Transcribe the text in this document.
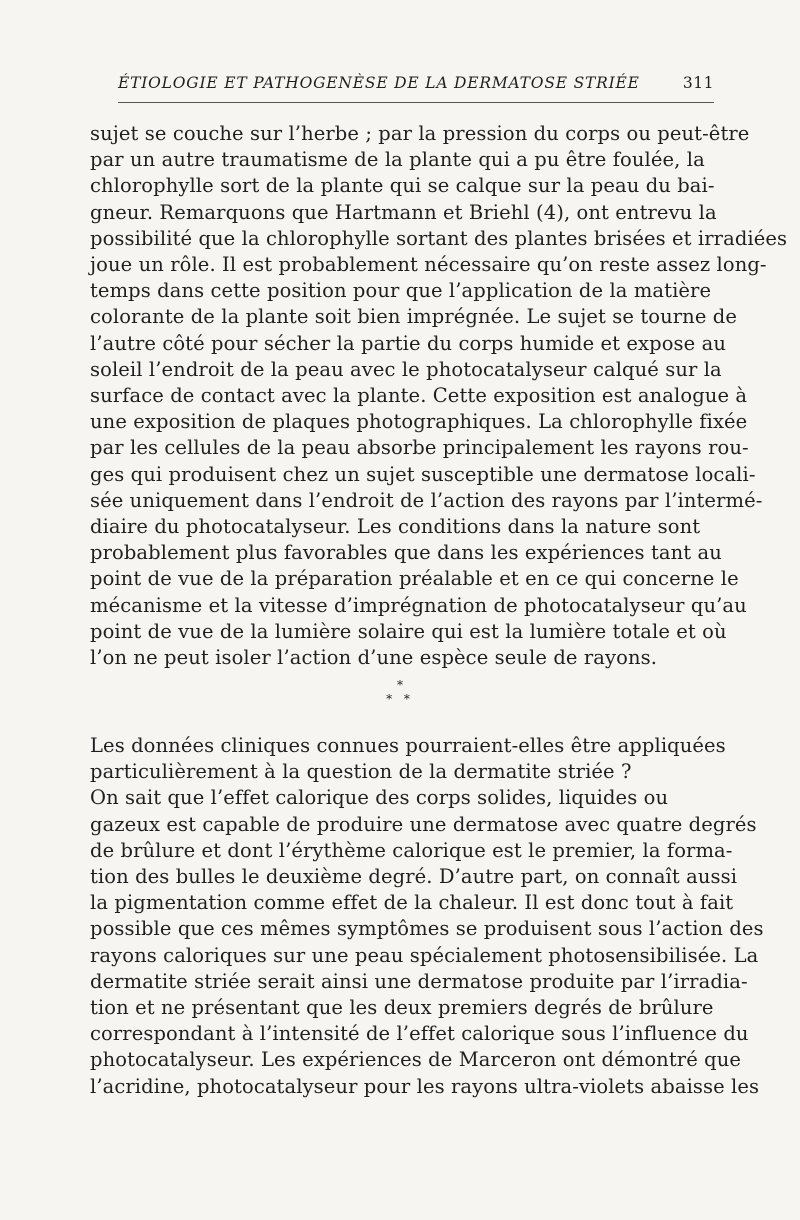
ÉTIOLOGIE ET PATHOGENÈSE DE LA DERMATOSE STRIÉE	311
sujet se couche sur l’herbe ; par la pression du corps ou peut-être
par un autre traumatisme de la plante qui a pu être foulée, la
chlorophylle sort de la plante qui se calque sur la peau du bai-
gneur. Remarquons que Hartmann et Briehl (4), ont entrevu la
possibilité que la chlorophylle sortant des plantes brisées et irradiées
joue un rôle. Il est probablement nécessaire qu’on reste assez long-
temps dans cette position pour que l’application de la matière
colorante de la plante soit bien imprégnée. Le sujet se tourne de
l’autre côté pour sécher la partie du corps humide et expose au
soleil l’endroit de la peau avec le photocatalyseur calqué sur la
surface de contact avec la plante. Cette exposition est analogue à
une exposition de plaques photographiques. La chlorophylle fixée
par les cellules de la peau absorbe principalement les rayons rou-
ges qui produisent chez un sujet susceptible une dermatose locali-
sée uniquement dans l’endroit de l’action des rayons par l’intermé-
diaire du photocatalyseur. Les conditions dans la nature sont
probablement plus favorables que dans les expériences tant au
point de vue de la préparation préalable et en ce qui concerne le
mécanisme et la vitesse d’imprégnation de photocatalyseur qu’au
point de vue de la lumière solaire qui est la lumière totale et où
l’on ne peut isoler l’action d’une espèce seule de rayons.
*
* *
Les données cliniques connues pourraient-elles être appliquées
particulièrement à la question de la dermatite striée ?
On sait que l’effet calorique des corps solides, liquides ou
gazeux est capable de produire une dermatose avec quatre degrés
de brûlure et dont l’érythème calorique est le premier, la forma-
tion des bulles le deuxième degré. D’autre part, on connaît aussi
la pigmentation comme effet de la chaleur. Il est donc tout à fait
possible que ces mêmes symptômes se produisent sous l’action des
rayons caloriques sur une peau spécialement photosensibilisée. La
dermatite striée serait ainsi une dermatose produite par l’irradia-
tion et ne présentant que les deux premiers degrés de brûlure
correspondant à l’intensité de l’effet calorique sous l’influence du
photocatalyseur. Les expériences de Marceron ont démontré que
l’acridine, photocatalyseur pour les rayons ultra-violets abaisse les
